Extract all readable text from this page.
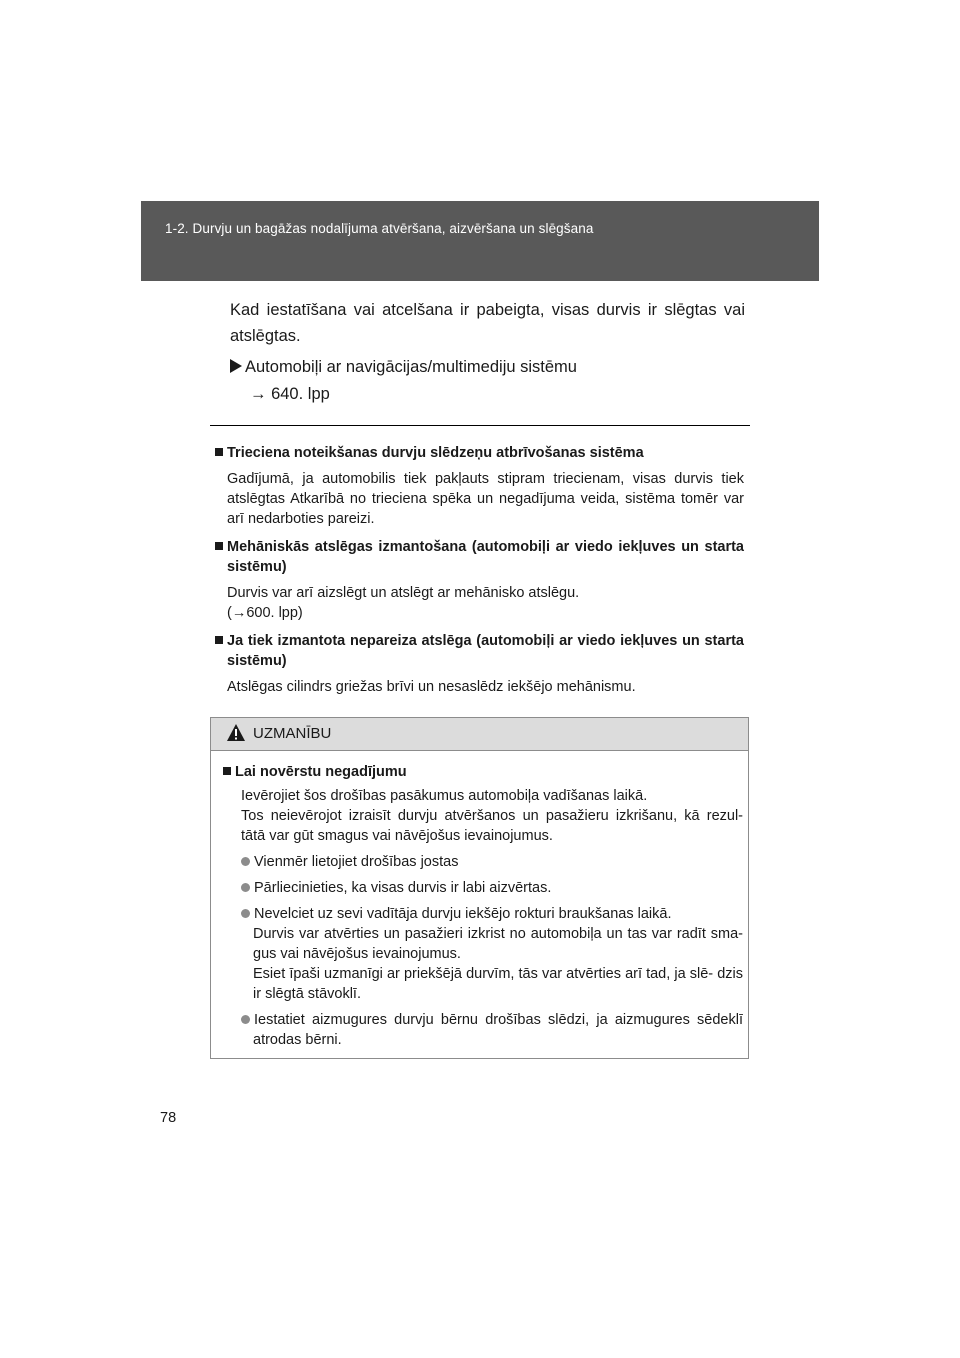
1-2. Durvju un bagāžas nodalījuma atvēršana, aizvēršana un slēgšana
Kad iestatīšana vai atcelšana ir pabeigta, visas durvis ir slēgtas vai atslēgtas.
Automobiļi ar navigācijas/multimediju sistēmu
→ 640. lpp
Trieciena noteikšanas durvju slēdzeņu atbrīvošanas sistēma
Gadījumā, ja automobilis tiek pakļauts stipram triecienam, visas durvis tiek atslēgtas Atkarībā no trieciena spēka un negadījuma veida, sistēma tomēr var arī nedarboties pareizi.
Mehāniskās atslēgas izmantošana (automobiļi ar viedo iekļuves un starta sistēmu)
Durvis var arī aizslēgt un atslēgt ar mehānisko atslēgu.
(→600. lpp)
Ja tiek izmantota nepareiza atslēga (automobiļi ar viedo iekļuves un starta sistēmu)
Atslēgas cilindrs griežas brīvi un nesaslēdz iekšējo mehānismu.
UZMANĪBU
Lai novērstu negadījumu
Ievērojiet šos drošības pasākumus automobiļa vadīšanas laikā.
Tos neievērojot izraisīt durvju atvēršanos un pasažieru izkrišanu, kā rezul- tātā var gūt smagus vai nāvējošus ievainojumus.
Vienmēr lietojiet drošības jostas
Pārliecinieties, ka visas durvis ir labi aizvērtas.
Nevelciet uz sevi vadītāja durvju iekšējo rokturi braukšanas laikā.
Durvis var atvērties un pasažieri izkrist no automobiļa un tas var radīt sma- gus vai nāvējošus ievainojumus.
Esiet īpaši uzmanīgi ar priekšējā durvīm, tās var atvērties arī tad, ja slē- dzis ir slēgtā stāvoklī.
Iestatiet aizmugures durvju bērnu drošības slēdzi, ja aizmugures sēdeklī atrodas bērni.
78
